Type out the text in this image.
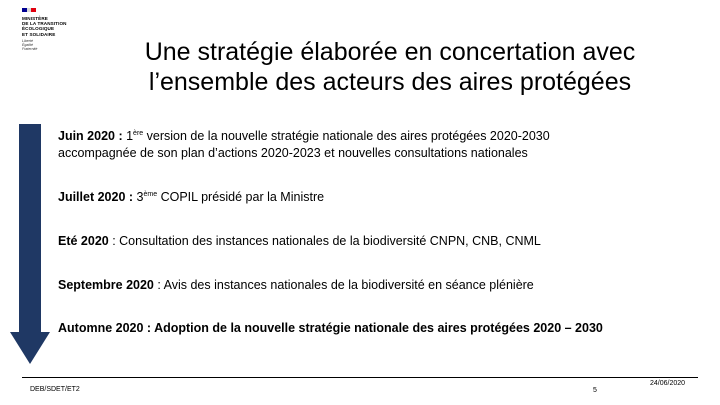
MINISTÈRE
DE LA TRANSITION
ÉCOLOGIQUE
ET SOLIDAIRE
Liberté
Égalité
Fraternité	Une stratégie élaborée en concertation avec
l’ensemble des acteurs des aires protégées
Juin 2020 : 1ère version de la nouvelle stratégie nationale des aires protégées 2020-2030
accompagnée de son plan d’actions 2020-2023 et nouvelles consultations nationales
Juillet 2020 : 3ème COPIL présidé par la Ministre
Eté 2020 : Consultation des instances nationales de la biodiversité CNPN, CNB, CNML
Septembre 2020 : Avis des instances nationales de la biodiversité en séance plénière
Automne 2020 : Adoption de la nouvelle stratégie nationale des aires protégées 2020 – 2030
DEB/SDET/ET2	5
24/06/2020
